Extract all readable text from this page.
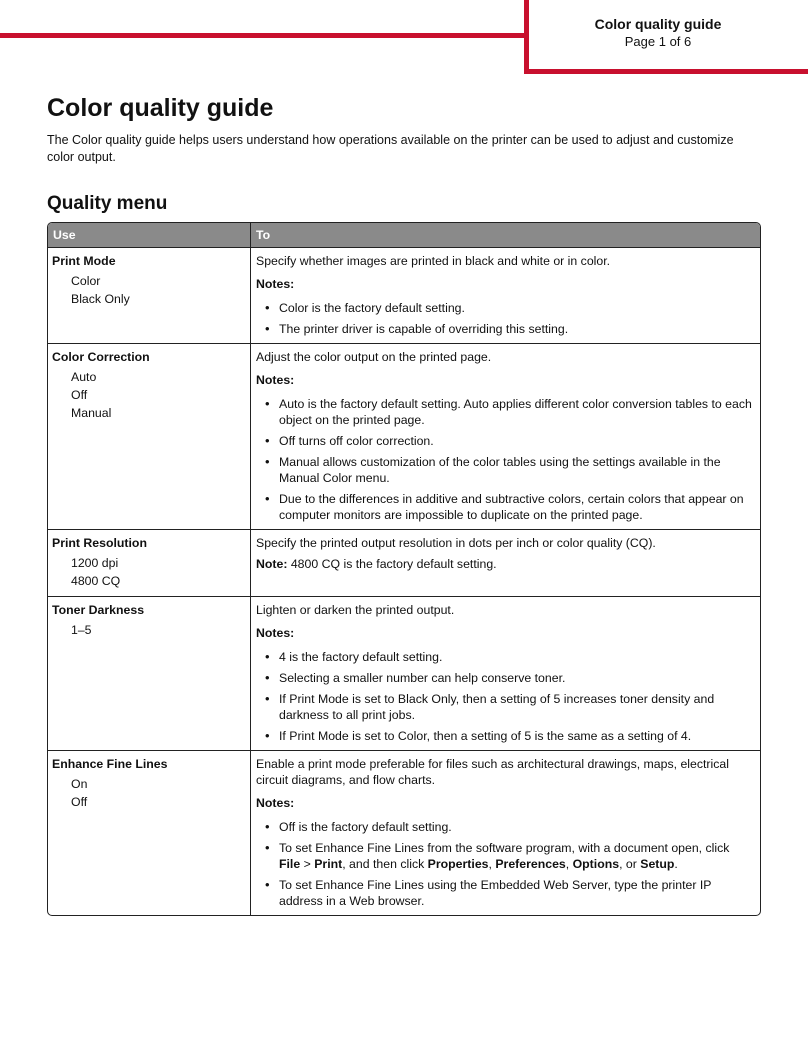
Color quality guide
Page 1 of 6
Color quality guide

The Color quality guide helps users understand how operations available on the printer can be used to adjust and customize color output.

Quality menu
Use	To
Print Mode
Color
Black Only

Specify whether images are printed in black and white or in color.

Notes:
• Color is the factory default setting.
• The printer driver is capable of overriding this setting.
Color Correction
Auto
Off
Manual

Adjust the color output on the printed page.

Notes:
• Auto is the factory default setting. Auto applies different color conversion tables to each object on the printed page.
• Off turns off color correction.
• Manual allows customization of the color tables using the settings available in the Manual Color menu.
• Due to the differences in additive and subtractive colors, certain colors that appear on computer monitors are impossible to duplicate on the printed page.
Print Resolution
1200 dpi
4800 CQ

Specify the printed output resolution in dots per inch or color quality (CQ).

Note: 4800 CQ is the factory default setting.

Toner Darkness
1–5

Lighten or darken the printed output.

Notes:
• 4 is the factory default setting.
• Selecting a smaller number can help conserve toner.
• If Print Mode is set to Black Only, then a setting of 5 increases toner density and darkness to all print jobs.
• If Print Mode is set to Color, then a setting of 5 is the same as a setting of 4.
Enhance Fine Lines
On
Off

Enable a print mode preferable for files such as architectural drawings, maps, electrical circuit diagrams, and flow charts.

Notes:
• Off is the factory default setting.
• To set Enhance Fine Lines from the software program, with a document open, click File > Print, and then click Properties, Preferences, Options, or Setup.
• To set Enhance Fine Lines using the Embedded Web Server, type the printer IP address in a Web browser.
